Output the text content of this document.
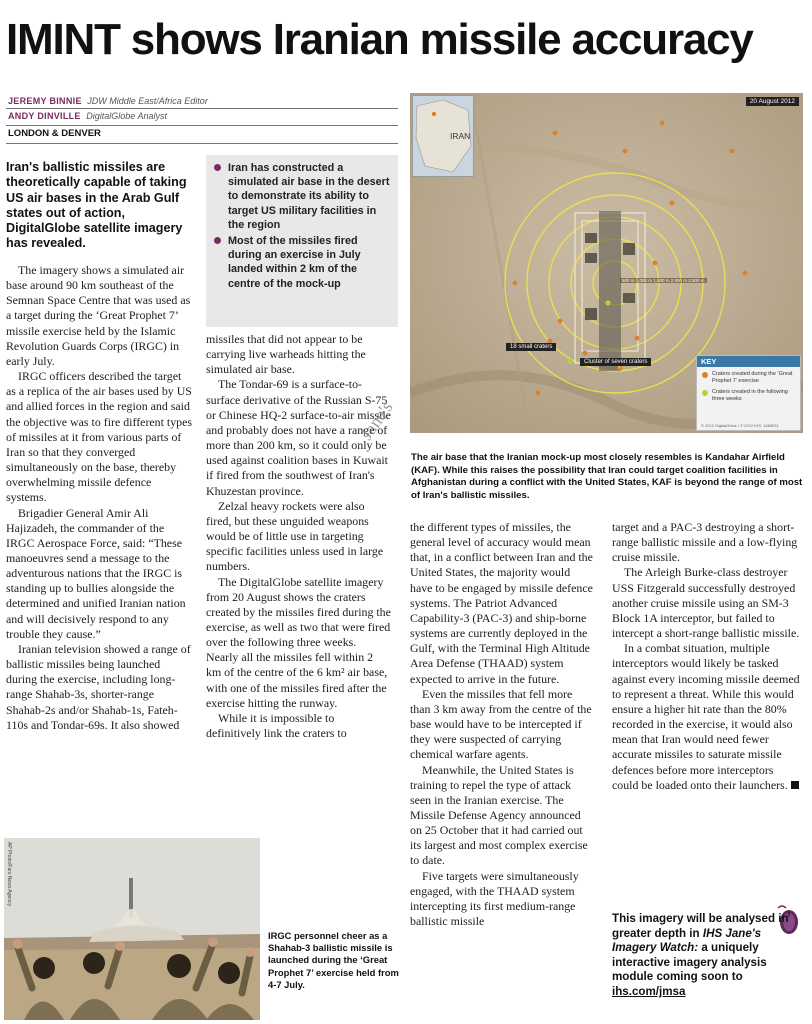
IMINT shows Iranian missile accuracy
JEREMY BINNIE JDW Middle East/Africa Editor
ANDY DINVILLE DigitalGlobe Analyst
LONDON & DENVER
Iran's ballistic missiles are theoretically capable of taking US air bases in the Arab Gulf states out of action, DigitalGlobe satellite imagery has revealed.
Iran has constructed a simulated air base in the desert to demonstrate its ability to target US military facilities in the region
Most of the missiles fired during an exercise in July landed within 2 km of the centre of the mock-up

The imagery shows a simulated air base around 90 km southeast of the Semnan Space Centre that was used as a target during the ‘Great Prophet 7’ missile exercise held by the Islamic Revolution Guards Corps (IRGC) in early July.

IRGC officers described the target as a replica of the air bases used by US and allied forces in the region and said the objective was to fire different types of missiles at it from various parts of Iran so that they converged simultaneously on the base, thereby overwhelming missile defence systems.

Brigadier General Amir Ali Hajizadeh, the commander of the IRGC Aerospace Force, said: “These manoeuvres send a message to the adventurous nations that the IRGC is standing up to bullies alongside the determined and unified Iranian nation and will decisively respond to any trouble they cause.”

Iranian television showed a range of ballistic missiles being launched during the exercise, including long-range Shahab-3s, shorter-range Shahab-2s and/or Shahab-1s, Fateh-110s and Tondar-69s. It also showed

missiles that did not appear to be carrying live warheads hitting the simulated air base.

The Tondar-69 is a surface-to-surface derivative of the Russian S-75 or Chinese HQ-2 surface-to-air missile and probably does not have a range of more than 200 km, so it could only be used against coalition bases in Kuwait if fired from the southwest of Iran's Khuzestan province.

Zelzal heavy rockets were also fired, but these unguided weapons would be of little use in targeting specific facilities unless used in large numbers.

The DigitalGlobe satellite imagery from 20 August shows the craters created by the missiles fired during the exercise, as well as two that were fired over the following three weeks. Nearly all the missiles fell within 2 km of the centre of the 6 km² air base, with one of the missiles fired after the exercise hitting the runway.

While it is impossible to definitively link the craters to

IRAN
20 August 2012
500 m 1,000 m 1,500 m 2,000 m 2,500 m
18 small craters
Cluster of seven craters	KEY
Craters created during the ‘Great Prophet 7’ exercise
Craters created in the following three weeks
© 2012 DigitalGlobe / © 2012 IHS: 1485031
Jane's
The air base that the Iranian mock-up most closely resembles is Kandahar Airfield (KAF). While this raises the possibility that Iran could target coalition facilities in Afghanistan during a conflict with the United States, KAF is beyond the range of most of Iran's ballistic missiles.

the different types of missiles, the general level of accuracy would mean that, in a conflict between Iran and the United States, the majority would have to be engaged by missile defence systems. The Patriot Advanced Capability-3 (PAC-3) and ship-borne systems are currently deployed in the Gulf, with the Terminal High Altitude Area Defense (THAAD) system expected to arrive in the future.

Even the missiles that fell more than 3 km away from the centre of the base would have to be intercepted if they were suspected of carrying chemical warfare agents.

Meanwhile, the United States is training to repel the type of attack seen in the Iranian exercise. The Missile Defense Agency announced on 25 October that it had carried out its largest and most complex exercise to date.

Five targets were simultaneously engaged, with the THAAD system intercepting its first medium-range ballistic missile

target and a PAC-3 destroying a short-range ballistic missile and a low-flying cruise missile.

The Arleigh Burke-class destroyer USS Fitzgerald successfully destroyed another cruise missile using an SM-3 Block 1A interceptor, but failed to intercept a short-range ballistic missile.

In a combat situation, multiple interceptors would likely be tasked against every incoming missile deemed to represent a threat. While this would ensure a higher hit rate than the 80% recorded in the exercise, it would also mean that Iran would need fewer accurate missiles to saturate missile defences before more interceptors could be loaded onto their launchers.

AP Photo/Fars News Agency
IRGC personnel cheer as a Shahab-3 ballistic missile is launched during the ‘Great Prophet 7’ exercise held from 4-7 July.
This imagery will be analysed in greater depth in IHS Jane's Imagery Watch: a uniquely interactive imagery analysis module coming soon to ihs.com/jmsa
